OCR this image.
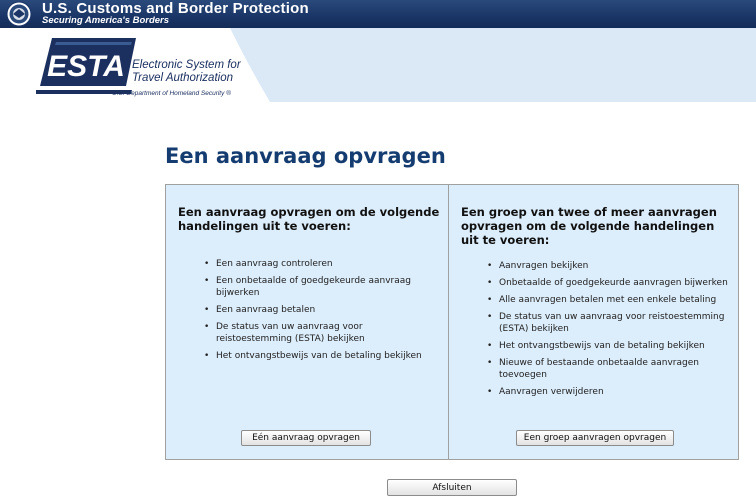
U.S. Customs and Border Protection
Securing America's Borders
ESTA Electronic System for
Travel Authorization
U.S. Department of Homeland Security ®
Een aanvraag opvragen
Een aanvraag opvragen om de volgende handelingen uit te voeren:
• Een aanvraag controleren
• Een onbetaalde of goedgekeurde aanvraag bijwerken
• Een aanvraag betalen
• De status van uw aanvraag voor reistoestemming (ESTA) bekijken
• Het ontvangstbewijs van de betaling bekijken
Eén aanvraag opvragen
Een groep van twee of meer aanvragen opvragen om de volgende handelingen uit te voeren:
• Aanvragen bekijken
• Onbetaalde of goedgekeurde aanvragen bijwerken
• Alle aanvragen betalen met een enkele betaling
• De status van uw aanvraag voor reistoestemming (ESTA) bekijken
• Het ontvangstbewijs van de betaling bekijken
• Nieuwe of bestaande onbetaalde aanvragen toevoegen
• Aanvragen verwijderen
Een groep aanvragen opvragen
Afsluiten
